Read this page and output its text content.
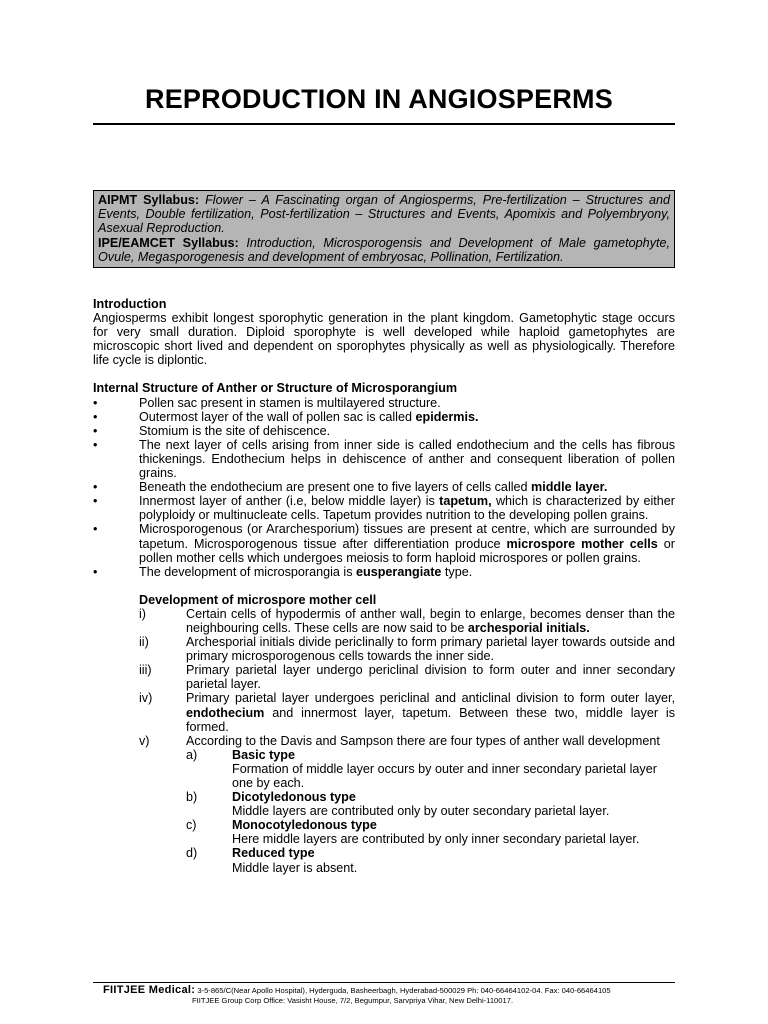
REPRODUCTION IN ANGIOSPERMS
AIPMT Syllabus: Flower – A Fascinating organ of Angiosperms, Pre-fertilization – Structures and Events, Double fertilization, Post-fertilization – Structures and Events, Apomixis and Polyembryony, Asexual Reproduction.
IPE/EAMCET Syllabus: Introduction, Microsporogensis and Development of Male gametophyte, Ovule, Megasporogenesis and development of embryosac, Pollination, Fertilization.
Introduction

Angiosperms exhibit longest sporophytic generation in the plant kingdom. Gametophytic stage occurs for very small duration. Diploid sporophyte is well developed while haploid gametophytes are microscopic short lived and dependent on sporophytes physically as well as physiologically. Therefore life cycle is diplontic.

Internal Structure of Anther or Structure of Microsporangium
•	Pollen sac present in stamen is multilayered structure.
•	Outermost layer of the wall of pollen sac is called epidermis.
•	Stomium is the site of dehiscence.
•	The next layer of cells arising from inner side is called endothecium and the cells has fibrous thickenings. Endothecium helps in dehiscence of anther and consequent liberation of pollen grains.
•	Beneath the endothecium are present one to five layers of cells called middle layer.
•	Innermost layer of anther (i.e, below middle layer) is tapetum, which is characterized by either polyploidy or multinucleate cells. Tapetum provides nutrition to the developing pollen grains.
•	Microsporogenous (or Ararchesporium) tissues are present at centre, which are surrounded by tapetum. Microsporogenous tissue after differentiation produce microspore mother cells or pollen mother cells which undergoes meiosis to form haploid microspores or pollen grains.
•	The development of microsporangia is eusperangiate type.
Development of microspore mother cell
i)	Certain cells of hypodermis of anther wall, begin to enlarge, becomes denser than the neighbouring cells. These cells are now said to be archesporial initials.
ii)	Archesporial initials divide periclinally to form primary parietal layer towards outside and primary microsporogenous cells towards the inner side.
iii)	Primary parietal layer undergo periclinal division to form outer and inner secondary parietal layer.
iv)	Primary parietal layer undergoes periclinal and anticlinal division to form outer layer, endothecium and innermost layer, tapetum. Between these two, middle layer is formed.
v)	According to the Davis and Sampson there are four types of anther wall development
a)	Basic type
Formation of middle layer occurs by outer and inner secondary parietal layer one by each.
b)	Dicotyledonous type
Middle layers are contributed only by outer secondary parietal layer.
c)	Monocotyledonous type
Here middle layers are contributed by only inner secondary parietal layer.
d)	Reduced type
Middle layer is absent.
FIITJEE Medical: 3-5-865/C(Near Apollo Hospital), Hyderguda, Basheerbagh, Hyderabad-500029 Ph: 040-66464102-04. Fax: 040-66464105
FIITJEE Group Corp Office: Vasisht House, 7/2, Begumpur, Sarvpriya Vihar, New Delhi-110017.
